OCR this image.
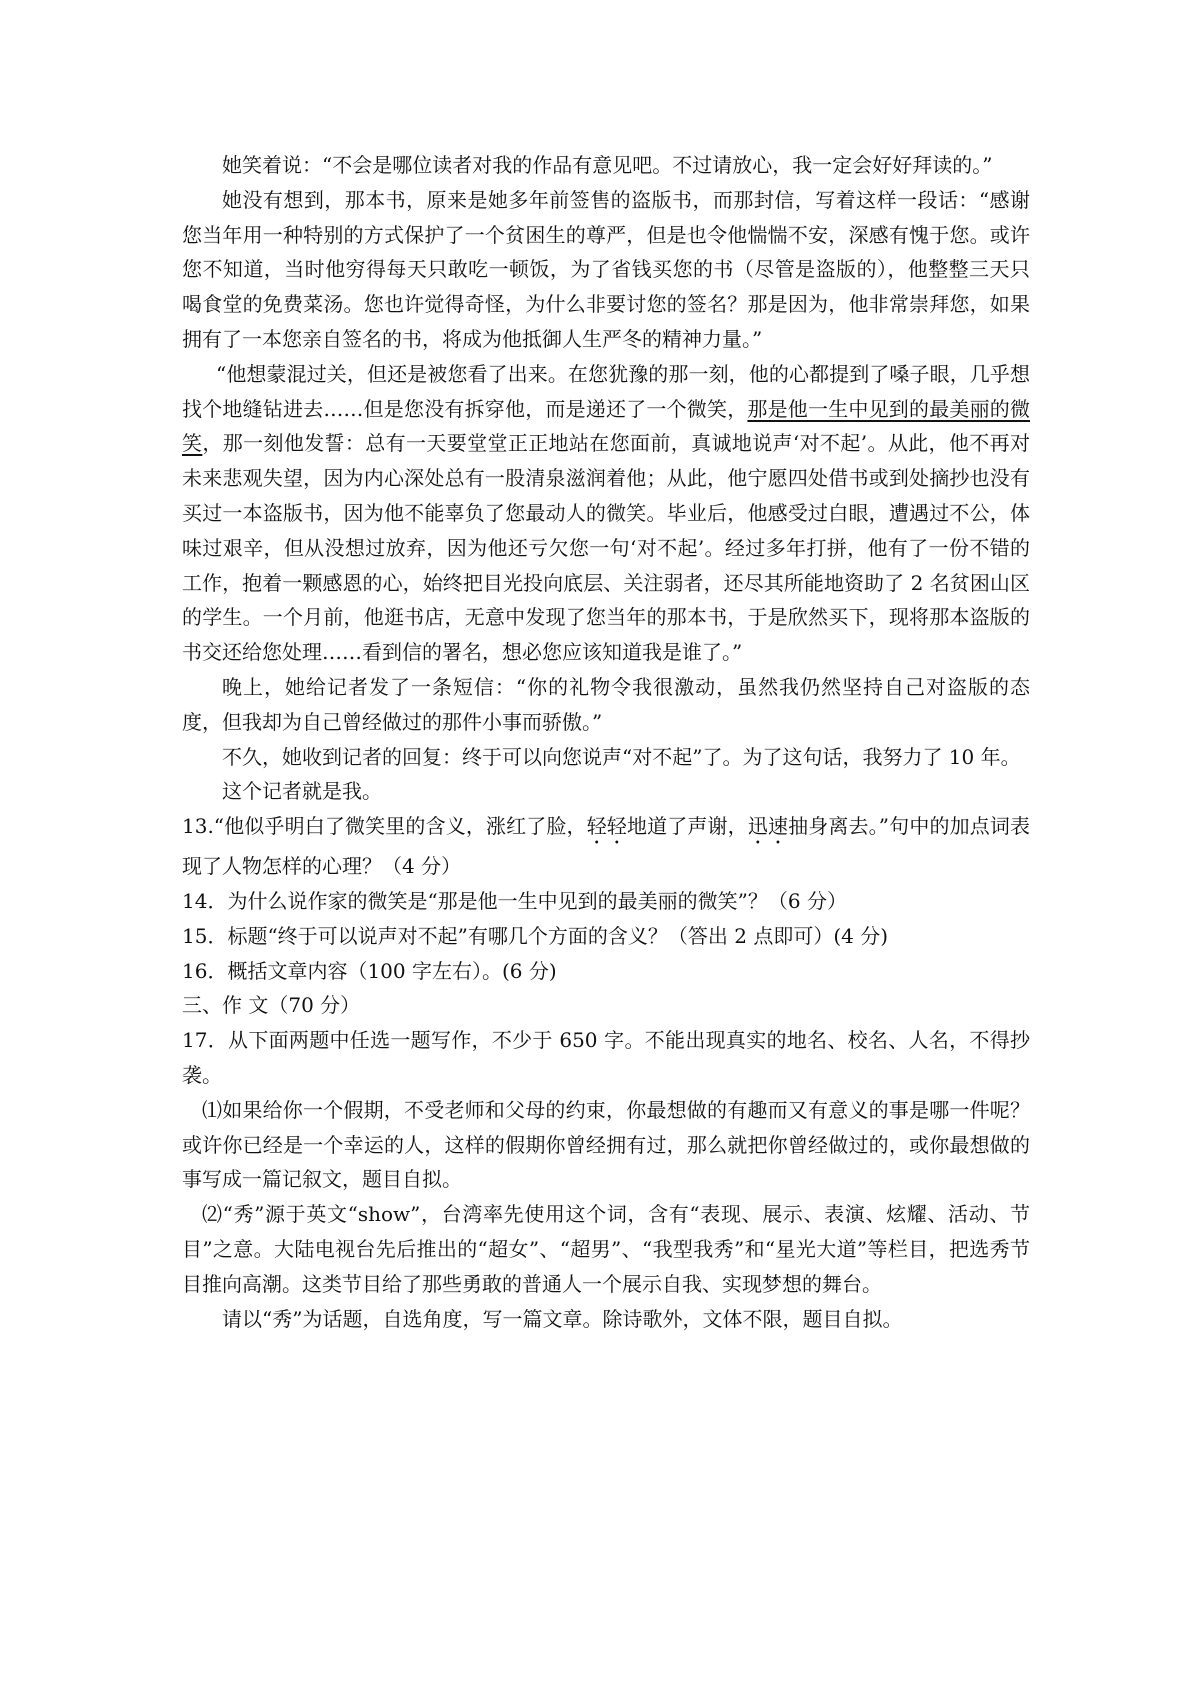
她笑着说：“不会是哪位读者对我的作品有意见吧。不过请放心，我一定会好好拜读的。”

她没有想到，那本书，原来是她多年前签售的盗版书，而那封信，写着这样一段话：“感谢您当年用一种特别的方式保护了一个贫困生的尊严，但是也令他惴惴不安，深感有愧于您。或许您不知道，当时他穷得每天只敢吃一顿饭，为了省钱买您的书（尽管是盗版的），他整整三天只喝食堂的免费菜汤。您也许觉得奇怪，为什么非要讨您的签名？那是因为，他非常崇拜您，如果拥有了一本您亲自签名的书，将成为他抵御人生严冬的精神力量。”

“他想蒙混过关，但还是被您看了出来。在您犹豫的那一刻，他的心都提到了嗓子眼，几乎想找个地缝钻进去……但是您没有拆穿他，而是递还了一个微笑，那是他一生中见到的最美丽的微笑，那一刻他发誓：总有一天要堂堂正正地站在您面前，真诚地说声‘对不起’。从此，他不再对未来悲观失望，因为内心深处总有一股清泉滋润着他；从此，他宁愿四处借书或到处摘抄也没有买过一本盗版书，因为他不能辜负了您最动人的微笑。毕业后，他感受过白眼，遭遇过不公，体味过艰辛，但从没想过放弃，因为他还亏欠您一句‘对不起’。经过多年打拼，他有了一份不错的工作，抱着一颗感恩的心，始终把目光投向底层、关注弱者，还尽其所能地资助了 2 名贫困山区的学生。一个月前，他逛书店，无意中发现了您当年的那本书，于是欣然买下，现将那本盗版的书交还给您处理……看到信的署名，想必您应该知道我是谁了。”

晚上，她给记者发了一条短信：“你的礼物令我很激动，虽然我仍然坚持自己对盗版的态度，但我却为自己曾经做过的那件小事而骄傲。”

不久，她收到记者的回复：终于可以向您说声“对不起”了。为了这句话，我努力了 10 年。

这个记者就是我。

13.“他似乎明白了微笑里的含义，涨红了脸，轻轻地道了声谢，迅速抽身离去。”句中的加点词表现了人物怎样的心理？（4 分）

14．为什么说作家的微笑是“那是他一生中见到的最美丽的微笑”？（6 分）

15．标题“终于可以说声对不起”有哪几个方面的含义？（答出 2 点即可）(4 分)

16．概括文章内容（100 字左右）。(6 分)

三、作 文（70 分）

17．从下面两题中任选一题写作，不少于 650 字。不能出现真实的地名、校名、人名，不得抄袭。

⑴如果给你一个假期，不受老师和父母的约束，你最想做的有趣而又有意义的事是哪一件呢？或许你已经是一个幸运的人，这样的假期你曾经拥有过，那么就把你曾经做过的，或你最想做的事写成一篇记叙文，题目自拟。

⑵“秀”源于英文“show”，台湾率先使用这个词，含有“表现、展示、表演、炫耀、活动、节目”之意。大陆电视台先后推出的“超女”、“超男”、“我型我秀”和“星光大道”等栏目，把选秀节目推向高潮。这类节目给了那些勇敢的普通人一个展示自我、实现梦想的舞台。

请以“秀”为话题，自选角度，写一篇文章。除诗歌外，文体不限，题目自拟。
